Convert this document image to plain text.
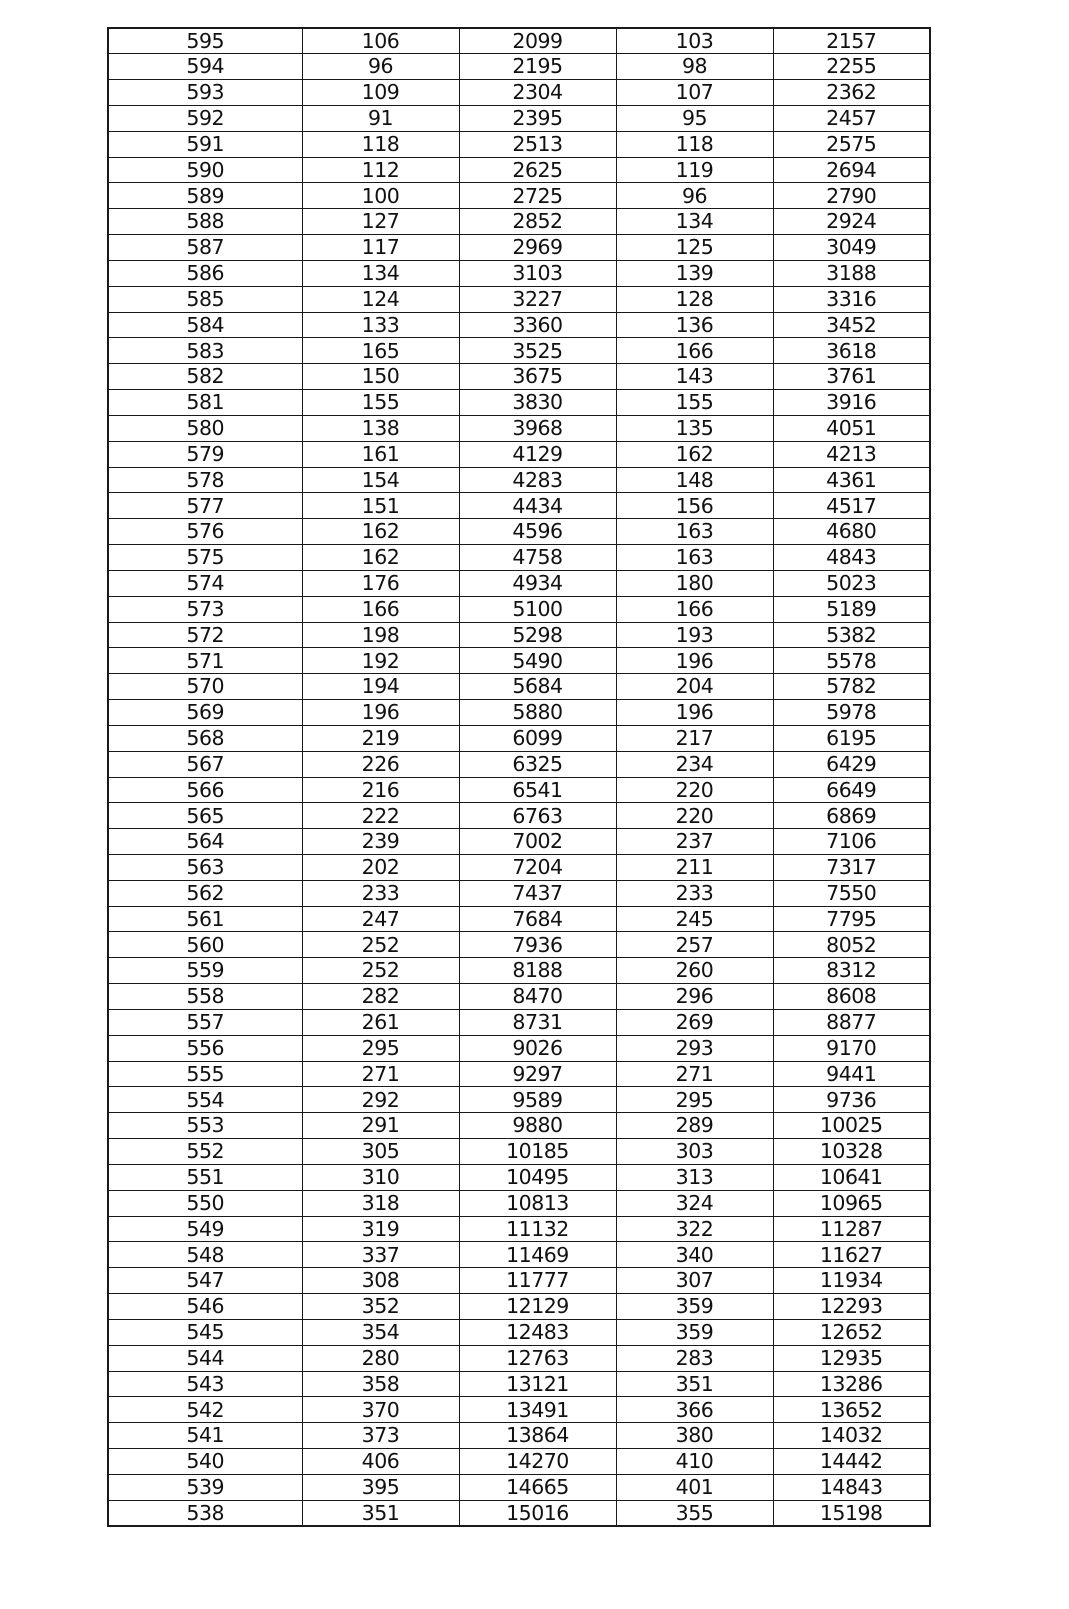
595	106	2099	103	2157
594	96	2195	98	2255
593	109	2304	107	2362
592	91	2395	95	2457
591	118	2513	118	2575
590	112	2625	119	2694
589	100	2725	96	2790
588	127	2852	134	2924
587	117	2969	125	3049
586	134	3103	139	3188
585	124	3227	128	3316
584	133	3360	136	3452
583	165	3525	166	3618
582	150	3675	143	3761
581	155	3830	155	3916
580	138	3968	135	4051
579	161	4129	162	4213
578	154	4283	148	4361
577	151	4434	156	4517
576	162	4596	163	4680
575	162	4758	163	4843
574	176	4934	180	5023
573	166	5100	166	5189
572	198	5298	193	5382
571	192	5490	196	5578
570	194	5684	204	5782
569	196	5880	196	5978
568	219	6099	217	6195
567	226	6325	234	6429
566	216	6541	220	6649
565	222	6763	220	6869
564	239	7002	237	7106
563	202	7204	211	7317
562	233	7437	233	7550
561	247	7684	245	7795
560	252	7936	257	8052
559	252	8188	260	8312
558	282	8470	296	8608
557	261	8731	269	8877
556	295	9026	293	9170
555	271	9297	271	9441
554	292	9589	295	9736
553	291	9880	289	10025
552	305	10185	303	10328
551	310	10495	313	10641
550	318	10813	324	10965
549	319	11132	322	11287
548	337	11469	340	11627
547	308	11777	307	11934
546	352	12129	359	12293
545	354	12483	359	12652
544	280	12763	283	12935
543	358	13121	351	13286
542	370	13491	366	13652
541	373	13864	380	14032
540	406	14270	410	14442
539	395	14665	401	14843
538	351	15016	355	15198
